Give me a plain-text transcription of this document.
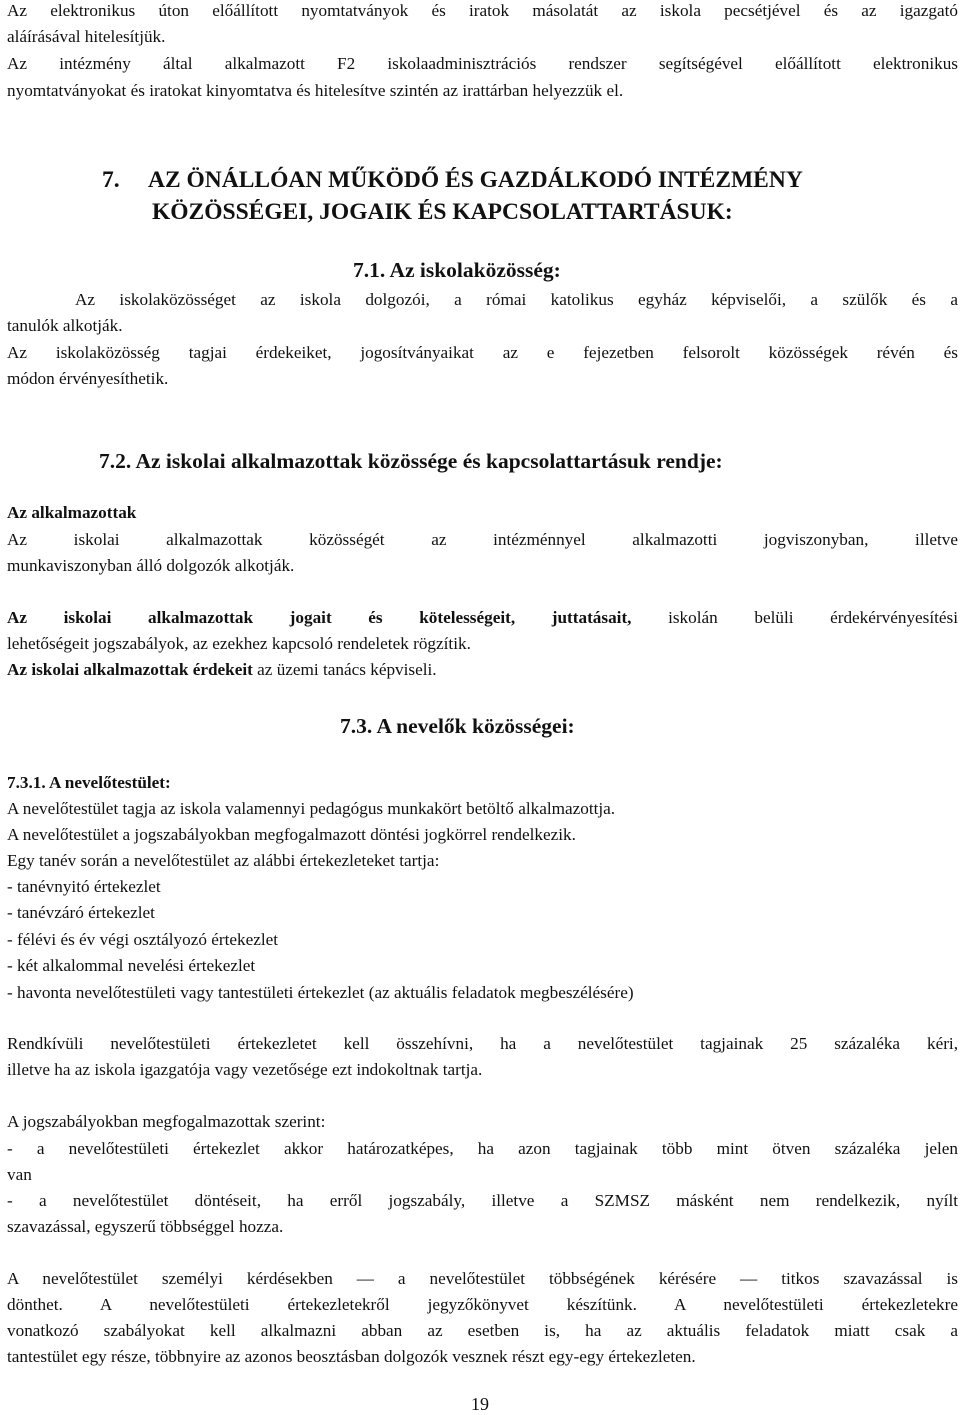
Az elektronikus úton előállított nyomtatványok és iratok másolatát az iskola pecsétjével és az igazgató
aláírásával hitelesítjük.
Az intézmény által alkalmazott F2 iskolaadminisztrációs rendszer segítségével előállított elektronikus
nyomtatványokat és iratokat kinyomtatva és hitelesítve szintén az irattárban helyezzük el.
7. AZ ÖNÁLLÓAN MŰKÖDŐ ÉS GAZDÁLKODÓ INTÉZMÉNY
KÖZÖSSÉGEI, JOGAIK ÉS KAPCSOLATTARTÁSUK:
7.1. Az iskolaközösség:
Az iskolaközösséget az iskola dolgozói, a római katolikus egyház képviselői, a szülők és a
tanulók alkotják.
Az iskolaközösség tagjai érdekeiket, jogosítványaikat az e fejezetben felsorolt közösségek révén és
módon érvényesíthetik.
7.2. Az iskolai alkalmazottak közössége és kapcsolattartásuk rendje:
Az alkalmazottak
Az iskolai alkalmazottak közösségét az intézménnyel alkalmazotti jogviszonyban, illetve
munkaviszonyban álló dolgozók alkotják.
Az iskolai alkalmazottak jogait és kötelességeit, juttatásait, iskolán belüli érdekérvényesítési
lehetőségeit jogszabályok, az ezekhez kapcsoló rendeletek rögzítik.
Az iskolai alkalmazottak érdekeit az üzemi tanács képviseli.
7.3. A nevelők közösségei:
7.3.1. A nevelőtestület:
A nevelőtestület tagja az iskola valamennyi pedagógus munkakört betöltő alkalmazottja.
A nevelőtestület a jogszabályokban megfogalmazott döntési jogkörrel rendelkezik.
Egy tanév során a nevelőtestület az alábbi értekezleteket tartja:
- tanévnyitó értekezlet
- tanévzáró értekezlet
- félévi és év végi osztályozó értekezlet
- két alkalommal nevelési értekezlet
- havonta nevelőtestületi vagy tantestületi értekezlet (az aktuális feladatok megbeszélésére)
Rendkívüli nevelőtestületi értekezletet kell összehívni, ha a nevelőtestület tagjainak 25 százaléka kéri,
illetve ha az iskola igazgatója vagy vezetősége ezt indokoltnak tartja.
A jogszabályokban megfogalmazottak szerint:
- a nevelőtestületi értekezlet akkor határozatképes, ha azon tagjainak több mint ötven százaléka jelen
van
- a nevelőtestület döntéseit, ha erről jogszabály, illetve a SZMSZ másként nem rendelkezik, nyílt
szavazással, egyszerű többséggel hozza.
A nevelőtestület személyi kérdésekben — a nevelőtestület többségének kérésére — titkos szavazással is
dönthet. A nevelőtestületi értekezletekről jegyzőkönyvet készítünk. A nevelőtestületi értekezletekre
vonatkozó szabályokat kell alkalmazni abban az esetben is, ha az aktuális feladatok miatt csak a
tantestület egy része, többnyire az azonos beosztásban dolgozók vesznek részt egy-egy értekezleten.
19
